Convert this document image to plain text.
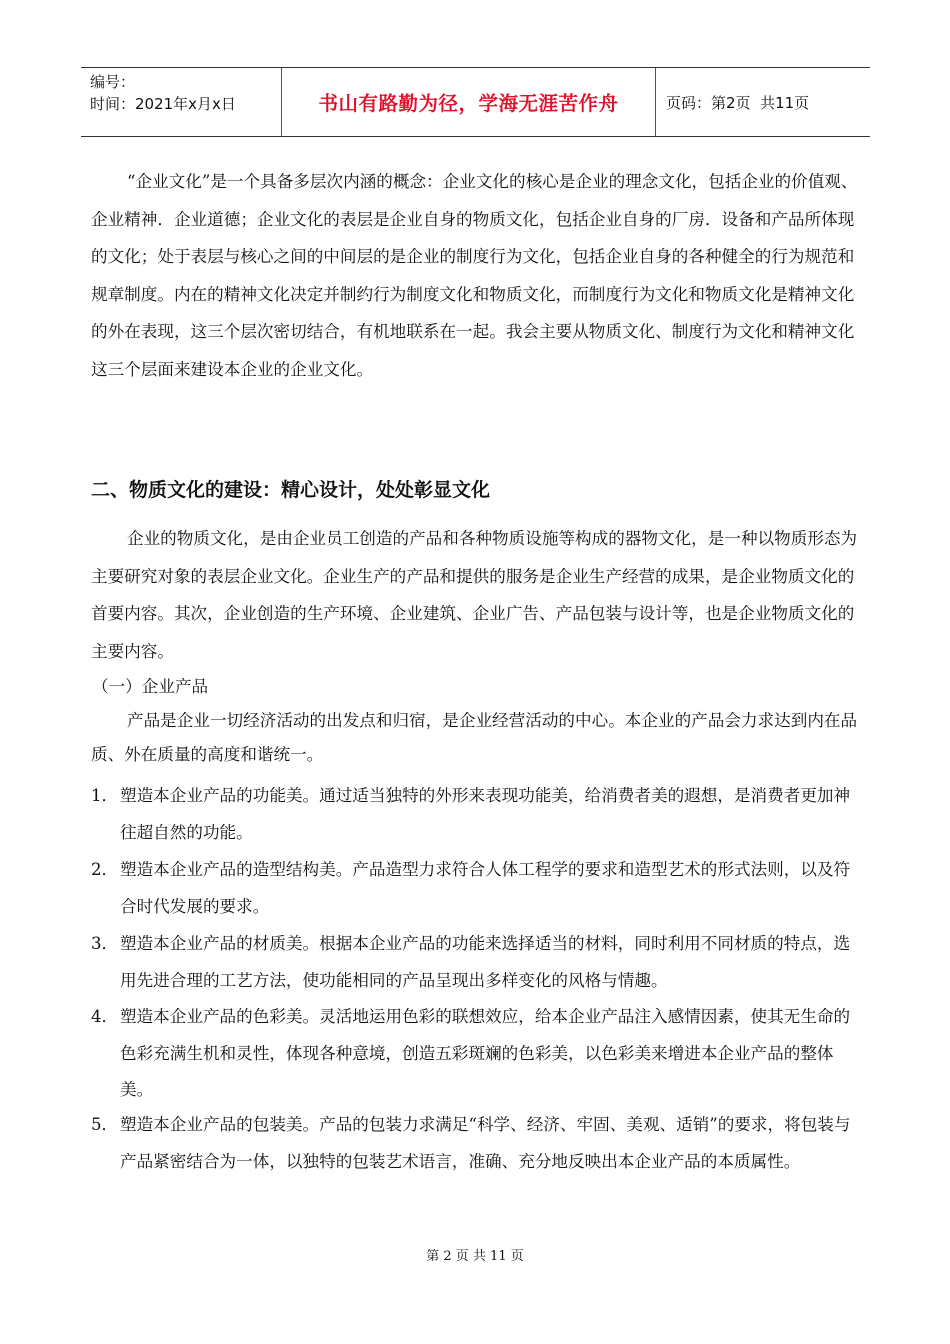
编号：
时间：2021年x月x日	书山有路勤为径，学海无涯苦作舟	页码：第2页  共11页
“企业文化”是一个具备多层次内涵的概念：企业文化的核心是企业的理念文化，包括企业的价值观、企业精神．企业道德；企业文化的表层是企业自身的物质文化，包括企业自身的厂房．设备和产品所体现的文化；处于表层与核心之间的中间层的是企业的制度行为文化，包括企业自身的各种健全的行为规范和规章制度。内在的精神文化决定并制约行为制度文化和物质文化，而制度行为文化和物质文化是精神文化的外在表现，这三个层次密切结合，有机地联系在一起。我会主要从物质文化、制度行为文化和精神文化这三个层面来建设本企业的企业文化。
二、物质文化的建设：精心设计，处处彰显文化
企业的物质文化，是由企业员工创造的产品和各种物质设施等构成的器物文化，是一种以物质形态为主要研究对象的表层企业文化。企业生产的产品和提供的服务是企业生产经营的成果，是企业物质文化的首要内容。其次，企业创造的生产环境、企业建筑、企业广告、产品包装与设计等，也是企业物质文化的主要内容。
（一）企业产品
产品是企业一切经济活动的出发点和归宿，是企业经营活动的中心。本企业的产品会力求达到内在品质、外在质量的高度和谐统一。
1． 塑造本企业产品的功能美。通过适当独特的外形来表现功能美，给消费者美的遐想，是消费者更加神往超自然的功能。
2． 塑造本企业产品的造型结构美。产品造型力求符合人体工程学的要求和造型艺术的形式法则，以及符合时代发展的要求。
3． 塑造本企业产品的材质美。根据本企业产品的功能来选择适当的材料，同时利用不同材质的特点，选用先进合理的工艺方法，使功能相同的产品呈现出多样变化的风格与情趣。
4． 塑造本企业产品的色彩美。灵活地运用色彩的联想效应，给本企业产品注入感情因素，使其无生命的色彩充满生机和灵性，体现各种意境，创造五彩斑斓的色彩美，以色彩美来增进本企业产品的整体美。
5． 塑造本企业产品的包装美。产品的包装力求满足“科学、经济、牢固、美观、适销”的要求，将包装与产品紧密结合为一体，以独特的包装艺术语言，准确、充分地反映出本企业产品的本质属性。
第 2 页 共 11 页
